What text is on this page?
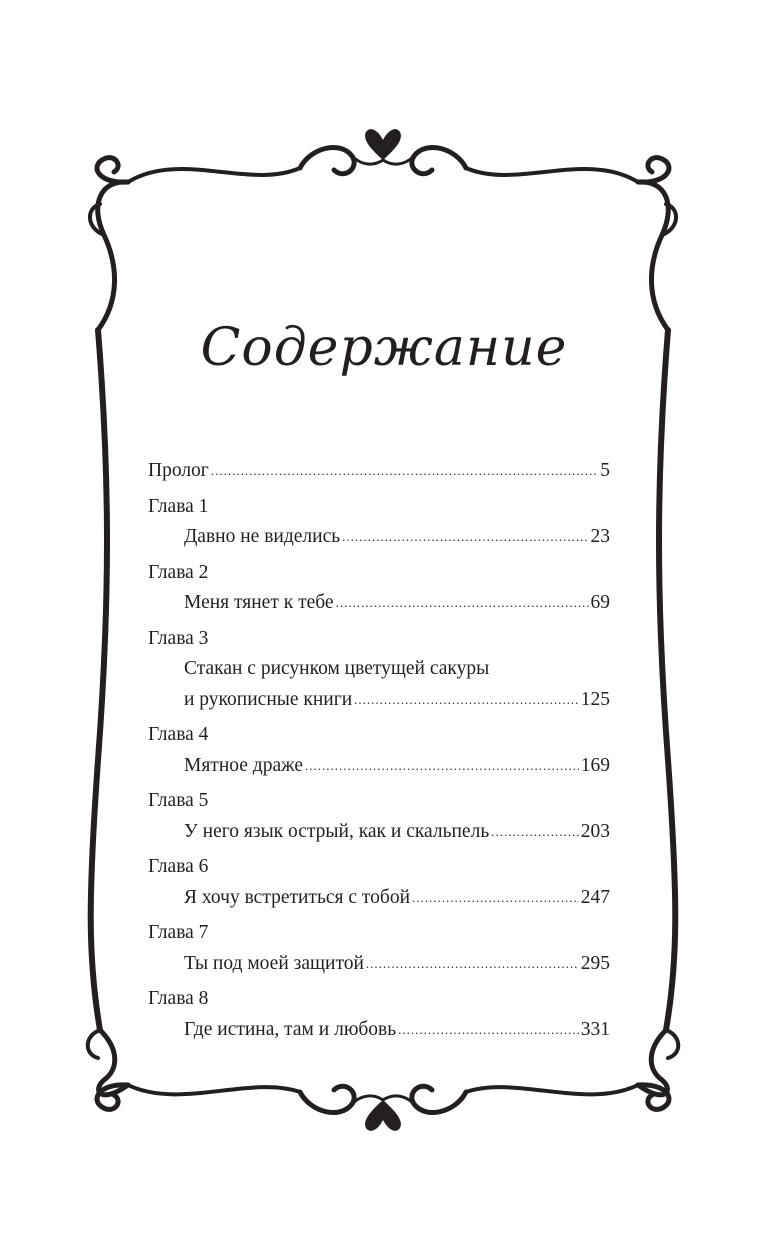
Содержание
Пролог .....	5
Глава 1
Давно не виделись .....	23
Глава 2
Меня тянет к тебе .....	69
Глава 3
Стакан с рисунком цветущей сакуры
и рукописные книги .....	125
Глава 4
Мятное драже .....	169
Глава 5
У него язык острый, как и скальпель .....	203
Глава 6
Я хочу встретиться с тобой .....	247
Глава 7
Ты под моей защитой .....	295
Глава 8
Где истина, там и любовь .....	331
